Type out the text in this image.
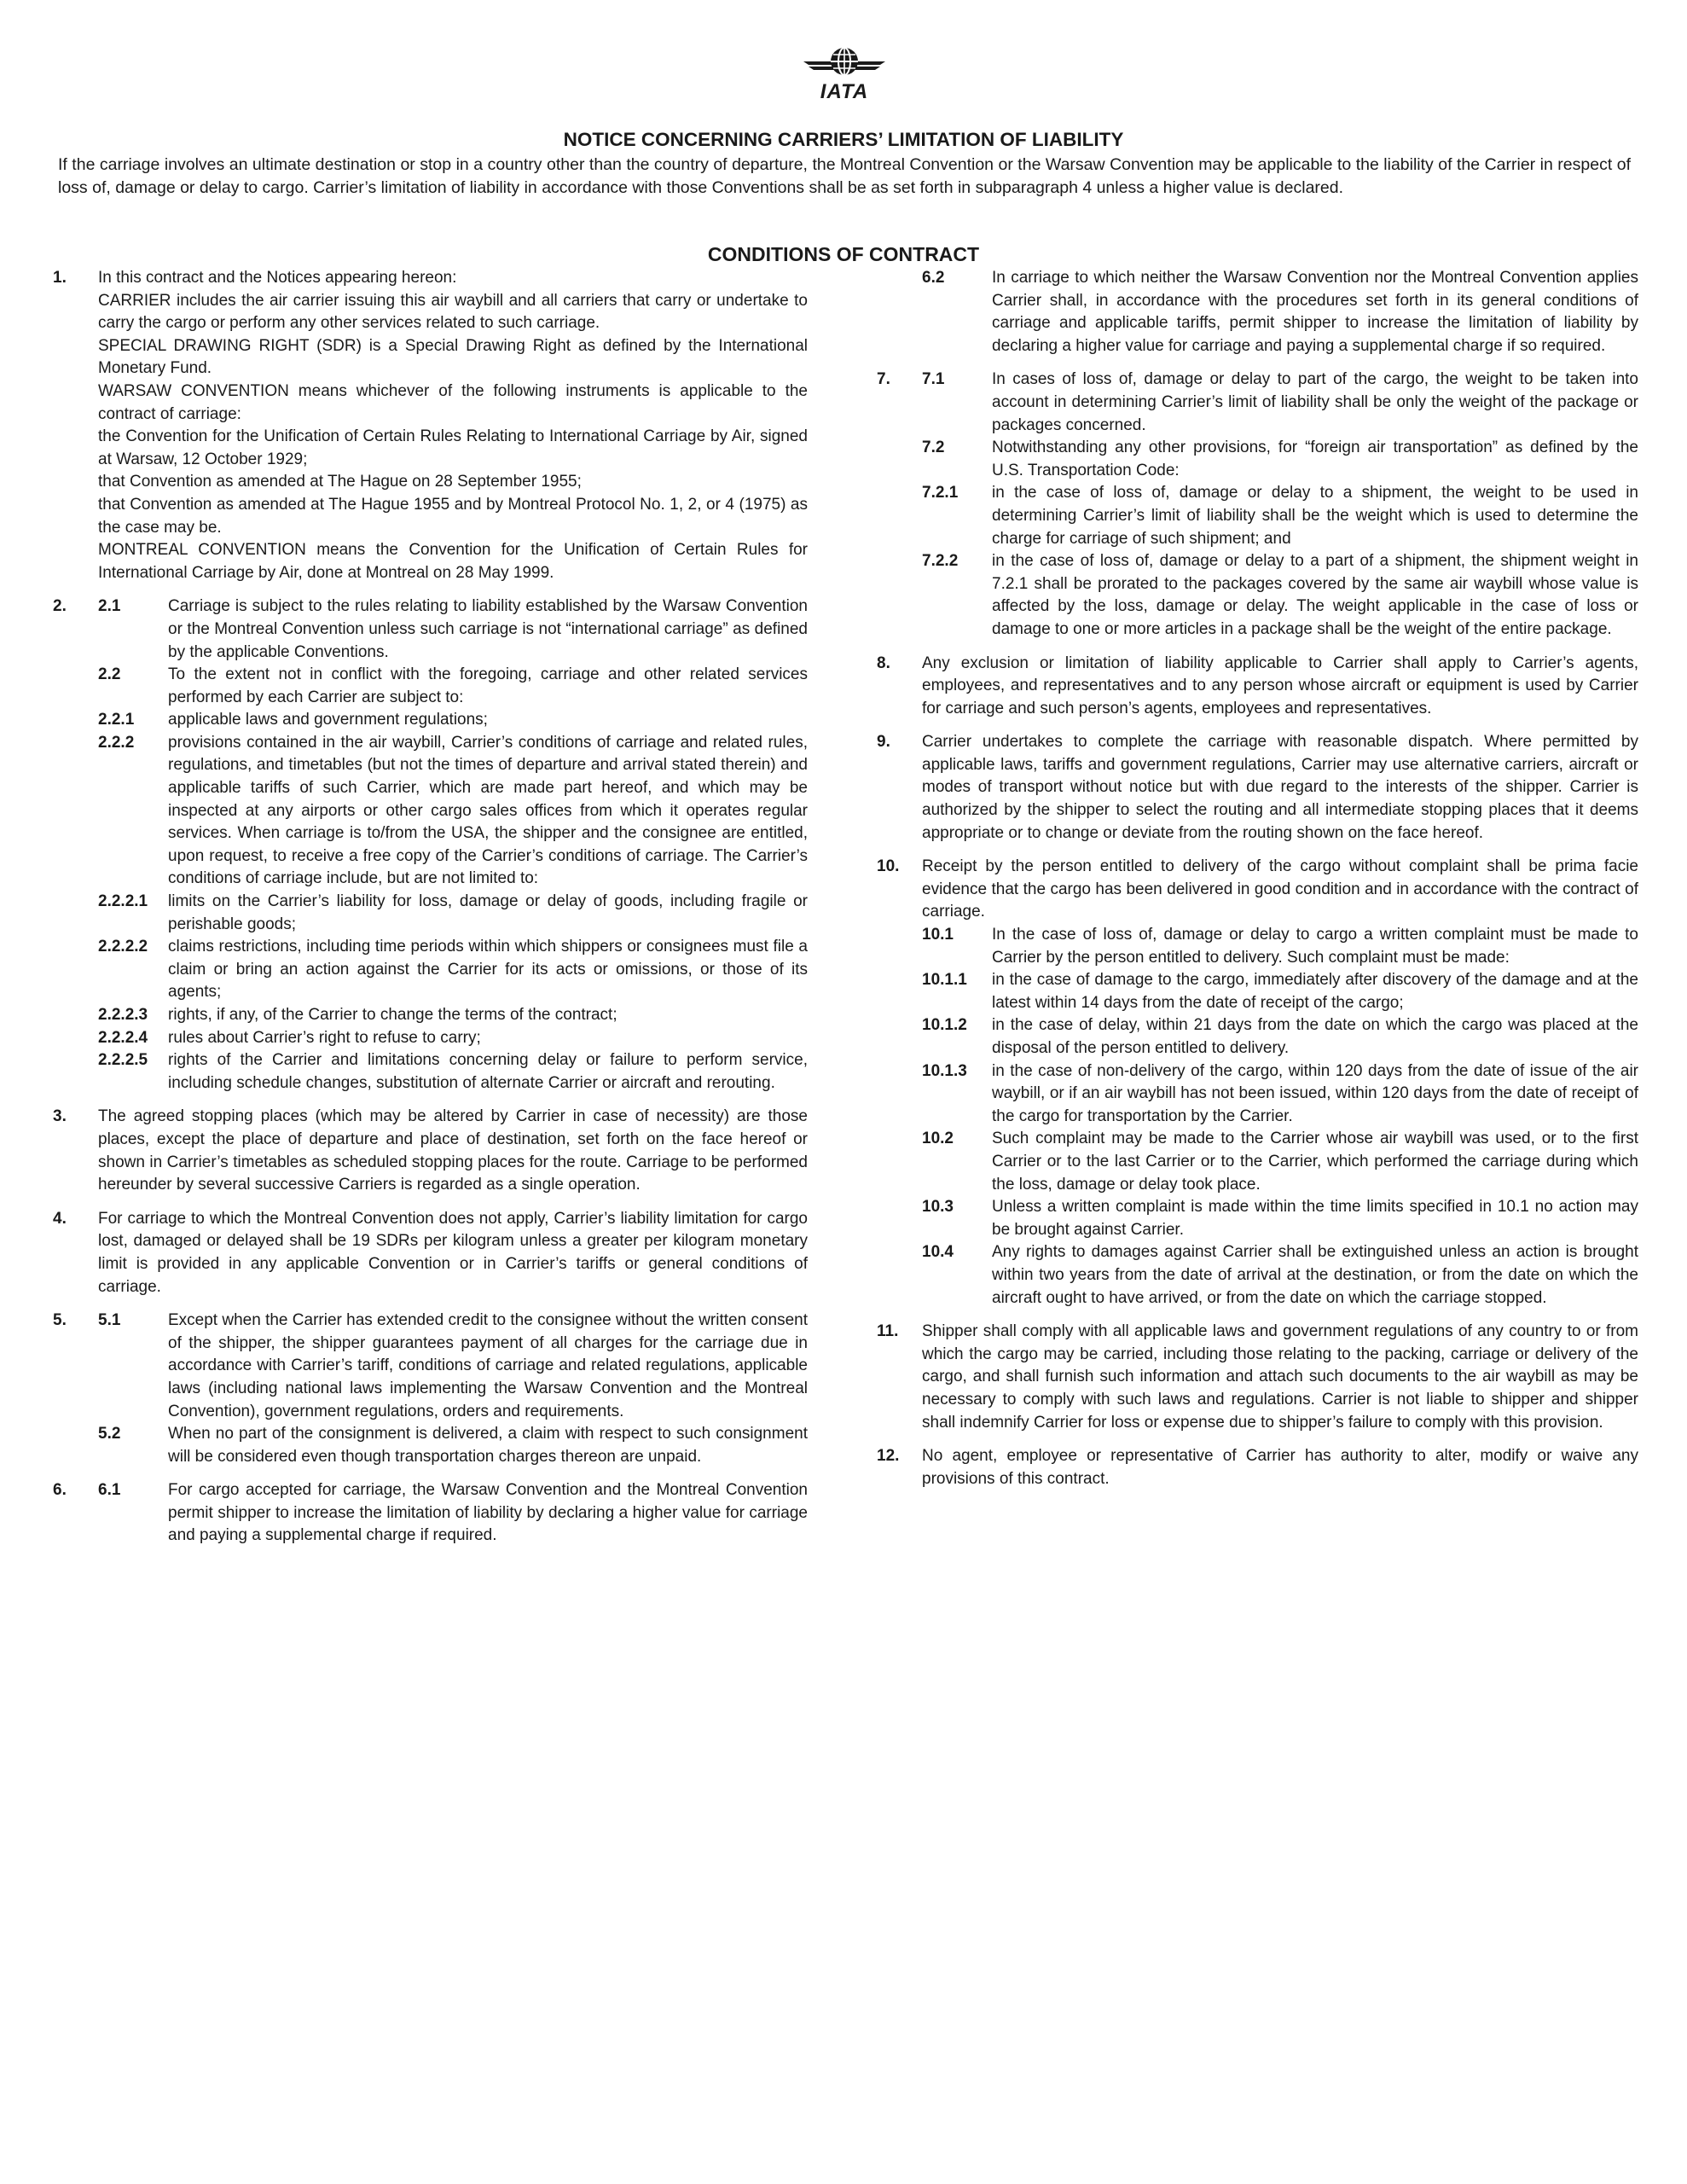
IATA
NOTICE CONCERNING CARRIERS’ LIMITATION OF LIABILITY
If the carriage involves an ultimate destination or stop in a country other than the country of departure, the Montreal Convention or the Warsaw Convention may be applicable to the liability of the Carrier in respect of loss of, damage or delay to cargo. Carrier’s limitation of liability in accordance with those Conventions shall be as set forth in subparagraph 4 unless a higher value is declared.
CONDITIONS OF CONTRACT
1. In this contract and the Notices appearing hereon:
CARRIER includes the air carrier issuing this air waybill and all carriers that carry or undertake to carry the cargo or perform any other services related to such carriage.
SPECIAL DRAWING RIGHT (SDR) is a Special Drawing Right as defined by the International Monetary Fund.
WARSAW CONVENTION means whichever of the following instruments is applicable to the contract of carriage:
the Convention for the Unification of Certain Rules Relating to International Carriage by Air, signed at Warsaw, 12 October 1929;
that Convention as amended at The Hague on 28 September 1955;
that Convention as amended at The Hague 1955 and by Montreal Protocol No. 1, 2, or 4 (1975) as the case may be.
MONTREAL CONVENTION means the Convention for the Unification of Certain Rules for International Carriage by Air, done at Montreal on 28 May 1999.
2. 2.1	Carriage is subject to the rules relating to liability established by the Warsaw Convention or the Montreal Convention unless such carriage is not “international carriage” as defined by the applicable Conventions.
2.2	To the extent not in conflict with the foregoing, carriage and other related services performed by each Carrier are subject to:
2.2.1 applicable laws and government regulations;
2.2.2 provisions contained in the air waybill, Carrier’s conditions of carriage and related rules, regulations, and timetables (but not the times of departure and arrival stated therein) and applicable tariffs of such Carrier, which are made part hereof, and which may be inspected at any airports or other cargo sales offices from which it operates regular services. When carriage is to/from the USA, the shipper and the consignee are entitled, upon request, to receive a free copy of the Carrier’s conditions of carriage. The Carrier’s conditions of carriage include, but are not limited to:
2.2.2.1 limits on the Carrier’s liability for loss, damage or delay of goods, including fragile or perishable goods;
2.2.2.2 claims restrictions, including time periods within which shippers or consignees must file a claim or bring an action against the Carrier for its acts or omissions, or those of its agents;
2.2.2.3 rights, if any, of the Carrier to change the terms of the contract;
2.2.2.4 rules about Carrier’s right to refuse to carry;
2.2.2.5 rights of the Carrier and limitations concerning delay or failure to perform service, including schedule changes, substitution of alternate Carrier or aircraft and rerouting.
3. The agreed stopping places (which may be altered by Carrier in case of necessity) are those places, except the place of departure and place of destination, set forth on the face hereof or shown in Carrier’s timetables as scheduled stopping places for the route. Carriage to be performed hereunder by several successive Carriers is regarded as a single operation.
4. For carriage to which the Montreal Convention does not apply, Carrier’s liability limitation for cargo lost, damaged or delayed shall be 19 SDRs per kilogram unless a greater per kilogram monetary limit is provided in any applicable Convention or in Carrier’s tariffs or general conditions of carriage.
5. 5.1	Except when the Carrier has extended credit to the consignee without the written consent of the shipper, the shipper guarantees payment of all charges for the carriage due in accordance with Carrier’s tariff, conditions of carriage and related regulations, applicable laws (including national laws implementing the Warsaw Convention and the Montreal Convention), government regulations, orders and requirements.
5.2	When no part of the consignment is delivered, a claim with respect to such consignment will be considered even though transportation charges thereon are unpaid.
6. 6.1	For cargo accepted for carriage, the Warsaw Convention and the Montreal Convention permit shipper to increase the limitation of liability by declaring a higher value for carriage and paying a supplemental charge if required.
6.2	In carriage to which neither the Warsaw Convention nor the Montreal Convention applies Carrier shall, in accordance with the procedures set forth in its general conditions of carriage and applicable tariffs, permit shipper to increase the limitation of liability by declaring a higher value for carriage and paying a supplemental charge if so required.
7. 7.1	In cases of loss of, damage or delay to part of the cargo, the weight to be taken into account in determining Carrier’s limit of liability shall be only the weight of the package or packages concerned.
7.2	Notwithstanding any other provisions, for “foreign air transportation” as defined by the U.S. Transportation Code:
7.2.1 in the case of loss of, damage or delay to a shipment, the weight to be used in determining Carrier’s limit of liability shall be the weight which is used to determine the charge for carriage of such shipment; and
7.2.2 in the case of loss of, damage or delay to a part of a shipment, the shipment weight in 7.2.1 shall be prorated to the packages covered by the same air waybill whose value is affected by the loss, damage or delay. The weight applicable in the case of loss or damage to one or more articles in a package shall be the weight of the entire package.
8. Any exclusion or limitation of liability applicable to Carrier shall apply to Carrier’s agents, employees, and representatives and to any person whose aircraft or equipment is used by Carrier for carriage and such person’s agents, employees and representatives.
9. Carrier undertakes to complete the carriage with reasonable dispatch. Where permitted by applicable laws, tariffs and government regulations, Carrier may use alternative carriers, aircraft or modes of transport without notice but with due regard to the interests of the shipper. Carrier is authorized by the shipper to select the routing and all intermediate stopping places that it deems appropriate or to change or deviate from the routing shown on the face hereof.
10. Receipt by the person entitled to delivery of the cargo without complaint shall be prima facie evidence that the cargo has been delivered in good condition and in accordance with the contract of carriage.
10.1 In the case of loss of, damage or delay to cargo a written complaint must be made to Carrier by the person entitled to delivery. Such complaint must be made:
10.1.1 in the case of damage to the cargo, immediately after discovery of the damage and at the latest within 14 days from the date of receipt of the cargo;
10.1.2 in the case of delay, within 21 days from the date on which the cargo was placed at the disposal of the person entitled to delivery.
10.1.3 in the case of non-delivery of the cargo, within 120 days from the date of issue of the air waybill, or if an air waybill has not been issued, within 120 days from the date of receipt of the cargo for transportation by the Carrier.
10.2 Such complaint may be made to the Carrier whose air waybill was used, or to the first Carrier or to the last Carrier or to the Carrier, which performed the carriage during which the loss, damage or delay took place.
10.3 Unless a written complaint is made within the time limits specified in 10.1 no action may be brought against Carrier.
10.4 Any rights to damages against Carrier shall be extinguished unless an action is brought within two years from the date of arrival at the destination, or from the date on which the aircraft ought to have arrived, or from the date on which the carriage stopped.
11. Shipper shall comply with all applicable laws and government regulations of any country to or from which the cargo may be carried, including those relating to the packing, carriage or delivery of the cargo, and shall furnish such information and attach such documents to the air waybill as may be necessary to comply with such laws and regulations. Carrier is not liable to shipper and shipper shall indemnify Carrier for loss or expense due to shipper’s failure to comply with this provision.
12. No agent, employee or representative of Carrier has authority to alter, modify or waive any provisions of this contract.
